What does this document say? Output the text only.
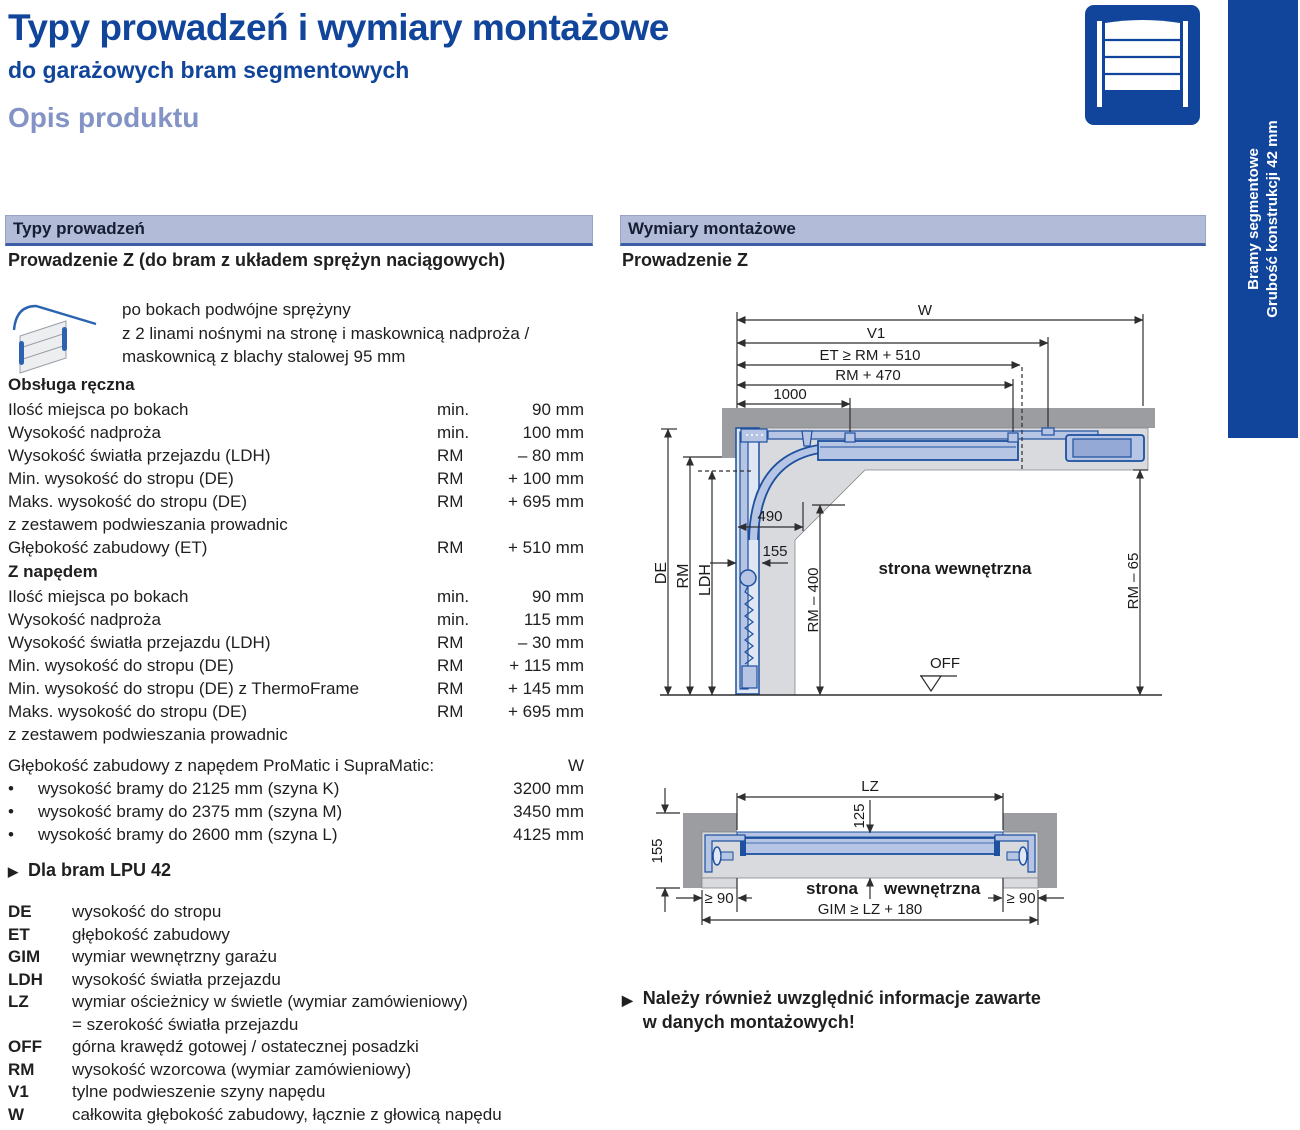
Typy prowadzeń i wymiary montażowe
do garażowych bram segmentowych
Opis produktu
Bramy segmentowe Grubość konstrukcji 42 mm
Typy prowadzeń
Prowadzenie Z (do bram z układem sprężyn naciągowych)
po bokach podwójne sprężyny
z 2 linami nośnymi na stronę i maskownicą nadproża /
maskownicą z blachy stalowej 95 mm
Obsługa ręczna
Ilość miejsca po bokach	min.	90 mm
Wysokość nadproża	min.	100 mm
Wysokość światła przejazdu (LDH)	RM	– 80 mm
Min. wysokość do stropu (DE)	RM	+ 100 mm
Maks. wysokość do stropu (DE)	RM	+ 695 mm
z zestawem podwieszania prowadnic
Głębokość zabudowy (ET)	RM	+ 510 mm
Z napędem
Ilość miejsca po bokach	min.	90 mm
Wysokość nadproża	min.	115 mm
Wysokość światła przejazdu (LDH)	RM	– 30 mm
Min. wysokość do stropu (DE)	RM	+ 115 mm
Min. wysokość do stropu (DE) z ThermoFrame	RM	+ 145 mm
Maks. wysokość do stropu (DE)	RM	+ 695 mm
z zestawem podwieszania prowadnic
Głębokość zabudowy z napędem ProMatic i SupraMatic:	W
•	wysokość bramy do 2125 mm (szyna K)	3200 mm
•	wysokość bramy do 2375 mm (szyna M)	3450 mm
•	wysokość bramy do 2600 mm (szyna L)	4125 mm
▶ Dla bram LPU 42
DE	wysokość do stropu
ET	głębokość zabudowy
GIM	wymiar wewnętrzny garażu
LDH	wysokość światła przejazdu
LZ	wymiar ościeżnicy w świetle (wymiar zamówieniowy)
= szerokość światła przejazdu
OFF	górna krawędź gotowej / ostatecznej posadzki
RM	wysokość wzorcowa (wymiar zamówieniowy)
V1	tylne podwieszenie szyny napędu
W	całkowita głębokość zabudowy, łącznie z głowicą napędu
Wymiary montażowe
Prowadzenie Z
W
V1
ET ≥ RM + 510
RM + 470
1000
490
155
RM – 400
DE RM LDH	RM – 65
OFF
strona wewnętrzna
LZ
125
155
≥ 90	≥ 90
GIM ≥ LZ + 180
strona wewnętrzna
▶ Należy również uwzględnić informacje zawarte
w danych montażowych!
